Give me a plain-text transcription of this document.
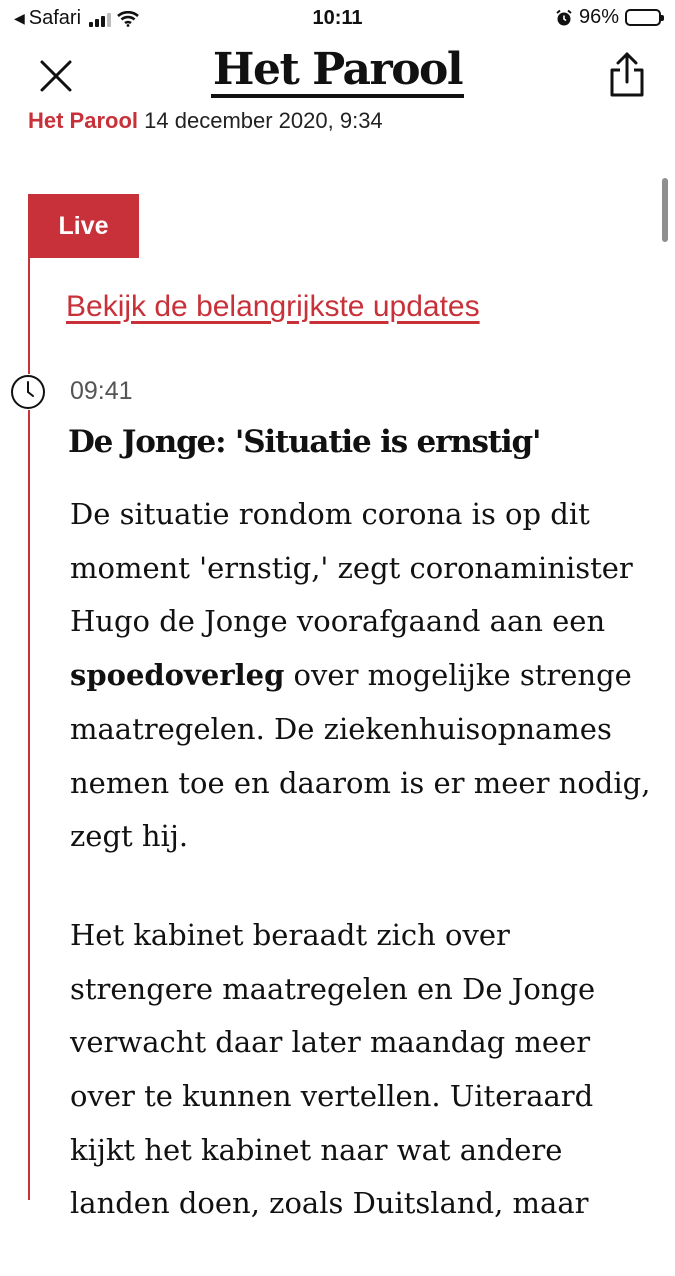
◀ Safari	10:11	96%
Het Parool
Het Parool 14 december 2020, 9:34
Live
Bekijk de belangrijkste updates
09:41
De Jonge: 'Situatie is ernstig'

De situatie rondom corona is op dit moment 'ernstig,' zegt coronaminister Hugo de Jonge voorafgaand aan een spoedoverleg over mogelijke strenge maatregelen. De ziekenhuisopnames nemen toe en daarom is er meer nodig, zegt hij.

Het kabinet beraadt zich over strengere maatregelen en De Jonge verwacht daar later maandag meer over te kunnen vertellen. Uiteraard kijkt het kabinet naar wat andere landen doen, zoals Duitsland, maar
